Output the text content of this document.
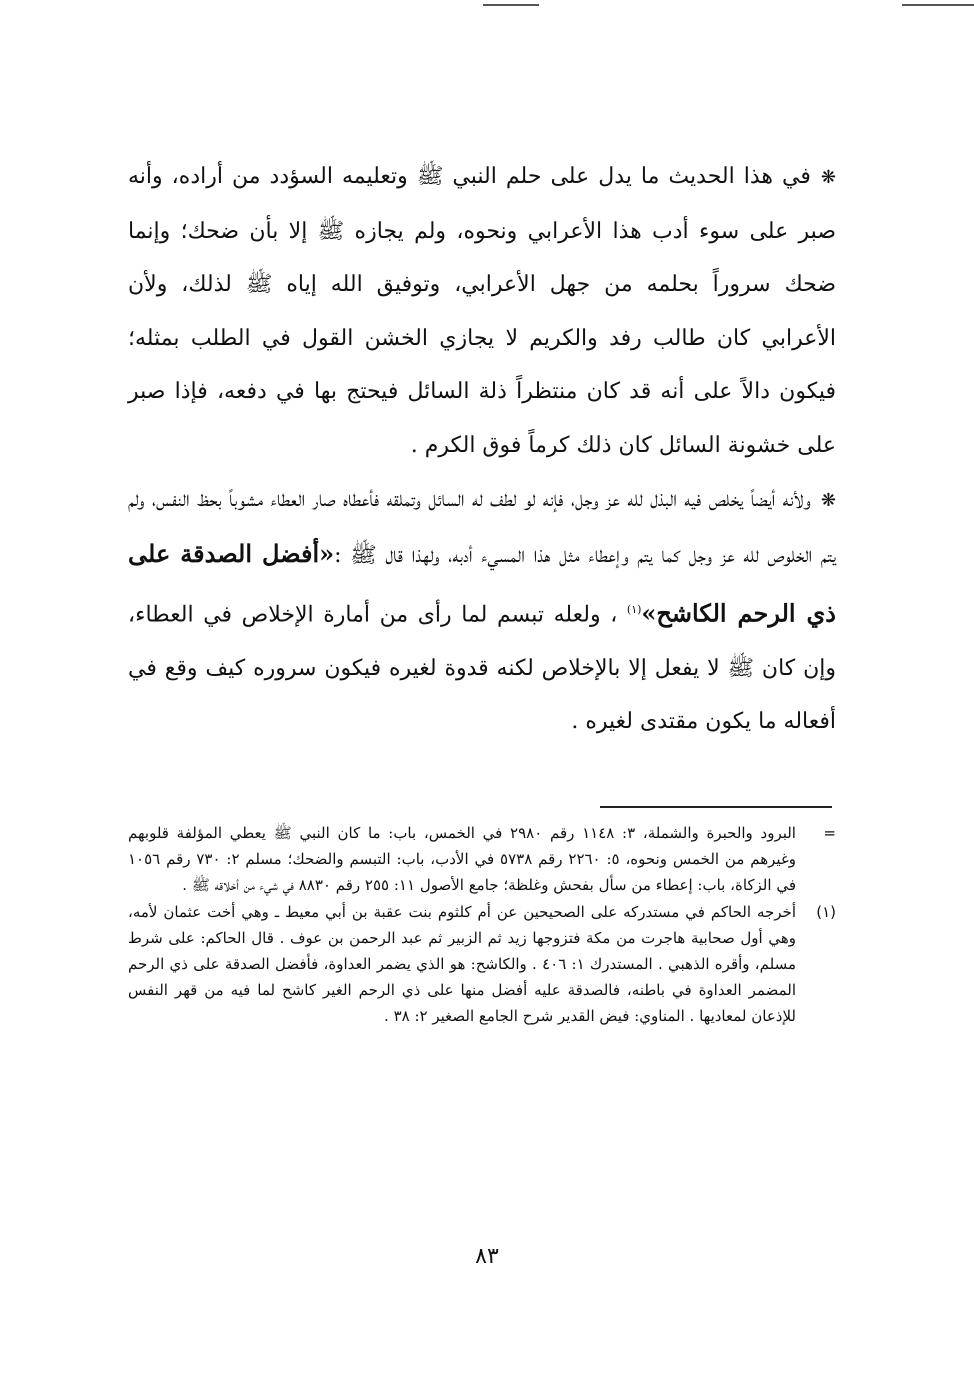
❋في هذا الحديث ما يدل على حلم النبي ﷺ وتعليمه السؤدد من أراده، وأنه صبر على سوء أدب هذا الأعرابي ونحوه، ولم يجازه ﷺ إلا بأن ضحك؛ وإنما ضحك سروراً بحلمه من جهل الأعرابي، وتوفيق الله إياه ﷺ لذلك، ولأن الأعرابي كان طالب رفد والكريم لا يجازي الخشن القول في الطلب بمثله؛ فيكون دالاً على أنه قد كان منتظراً ذلة السائل فيحتج بها في دفعه، فإذا صبر على خشونة السائل كان ذلك كرماً فوق الكرم .

❋ولأنه أيضاً يخلص فيه البذل لله عز وجل، فإنه لو لطف له السائل وتملقه فأعطاه صار العطاء مشوباً بحظ النفس، ولم يتم الخلوص لله عز وجل كما يتم وإعطاء مثل هذا المسيء أدبه، ولهذا قال ﷺ :«أفضل الصدقة على ذي الرحم الكاشح»$^{(١)}$ ، ولعله تبسم لما رأى من أمارة الإخلاص في العطاء، وإن كان ﷺ لا يفعل إلا بالإخلاص لكنه قدوة لغيره فيكون سروره كيف وقع في أفعاله ما يكون مقتدى لغيره .

=
البرود والحبرة والشملة، ٣: ١١٤٨ رقم ٢٩٨٠ في الخمس، باب: ما كان النبي ﷺ يعطي المؤلفة قلوبهم وغيرهم من الخمس ونحوه، ٥: ٢٢٦٠ رقم ٥٧٣٨ في الأدب، باب: التبسم والضحك؛ مسلم ٢: ٧٣٠ رقم ١٠٥٦ في الزكاة، باب: إعطاء من سأل بفحش وغلظة؛ جامع الأصول ١١: ٢٥٥ رقم ٨٨٣٠ في شيء من أخلاقه ﷺ .
(١)
أخرجه الحاكم في مستدركه على الصحيحين عن أم كلثوم بنت عقبة بن أبي معيط ـ وهي أخت عثمان لأمه، وهي أول صحابية هاجرت من مكة فتزوجها زيد ثم الزبير ثم عبد الرحمن بن عوف . قال الحاكم: على شرط مسلم، وأقره الذهبي . المستدرك ١: ٤٠٦ . والكاشح: هو الذي يضمر العداوة، فأفضل الصدقة على ذي الرحم المضمر العداوة في باطنه، فالصدقة عليه أفضل منها على ذي الرحم الغير كاشح لما فيه من قهر النفس للإذعان لمعاديها . المناوي: فيض القدير شرح الجامع الصغير ٢: ٣٨ .
٨٣
